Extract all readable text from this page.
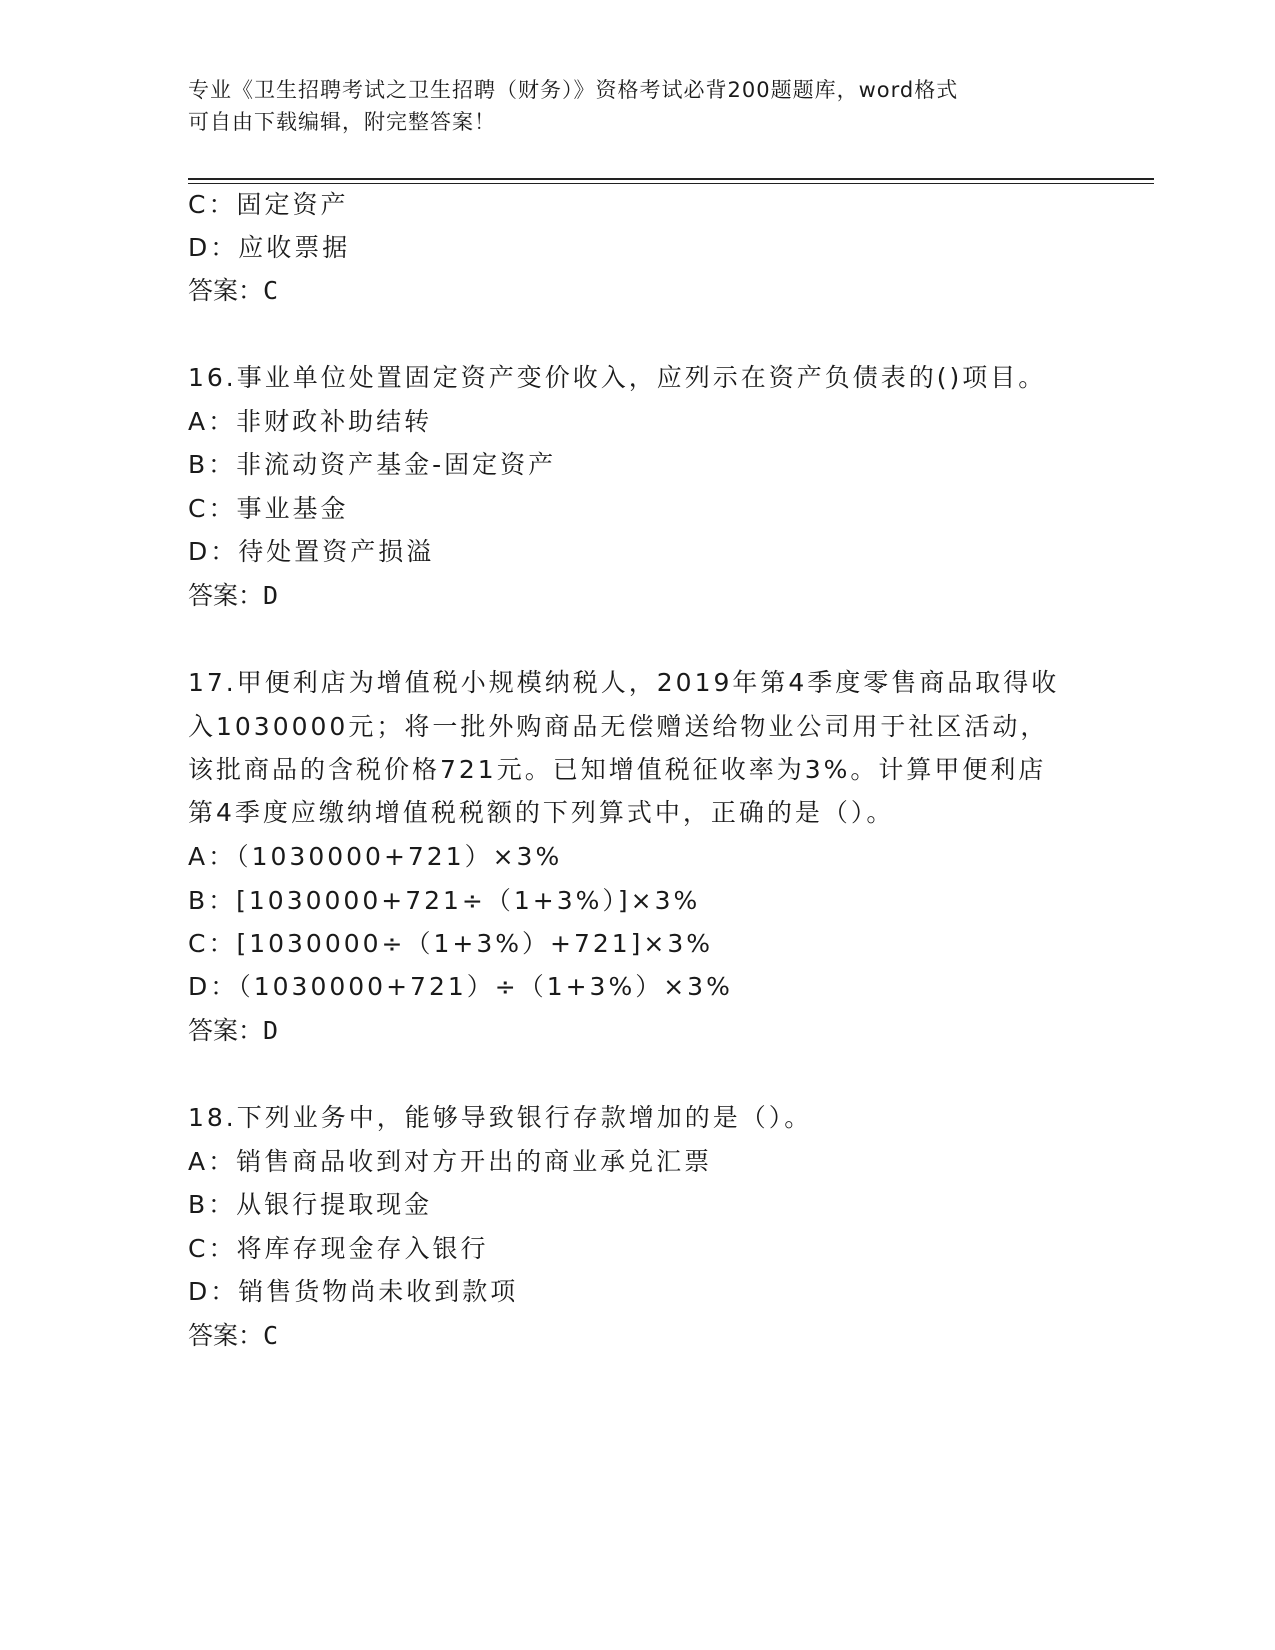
专业《卫生招聘考试之卫生招聘（财务）》资格考试必背200题题库，word格式
可自由下载编辑，附完整答案！
C：固定资产
D：应收票据
答案：C
16.事业单位处置固定资产变价收入，应列示在资产负债表的()项目。
A：非财政补助结转
B：非流动资产基金-固定资产
C：事业基金
D：待处置资产损溢
答案：D
17.甲便利店为增值税小规模纳税人，2019年第4季度零售商品取得收
入1030000元；将一批外购商品无偿赠送给物业公司用于社区活动，
该批商品的含税价格721元。已知增值税征收率为3%。计算甲便利店
第4季度应缴纳增值税税额的下列算式中，正确的是（）。
A：（1030000+721）×3%
B：[1030000+721÷（1+3%）]×3%
C：[1030000÷（1+3%）+721]×3%
D：（1030000+721）÷（1+3%）×3%
答案：D
18.下列业务中，能够导致银行存款增加的是（）。
A：销售商品收到对方开出的商业承兑汇票
B：从银行提取现金
C：将库存现金存入银行
D：销售货物尚未收到款项
答案：C
